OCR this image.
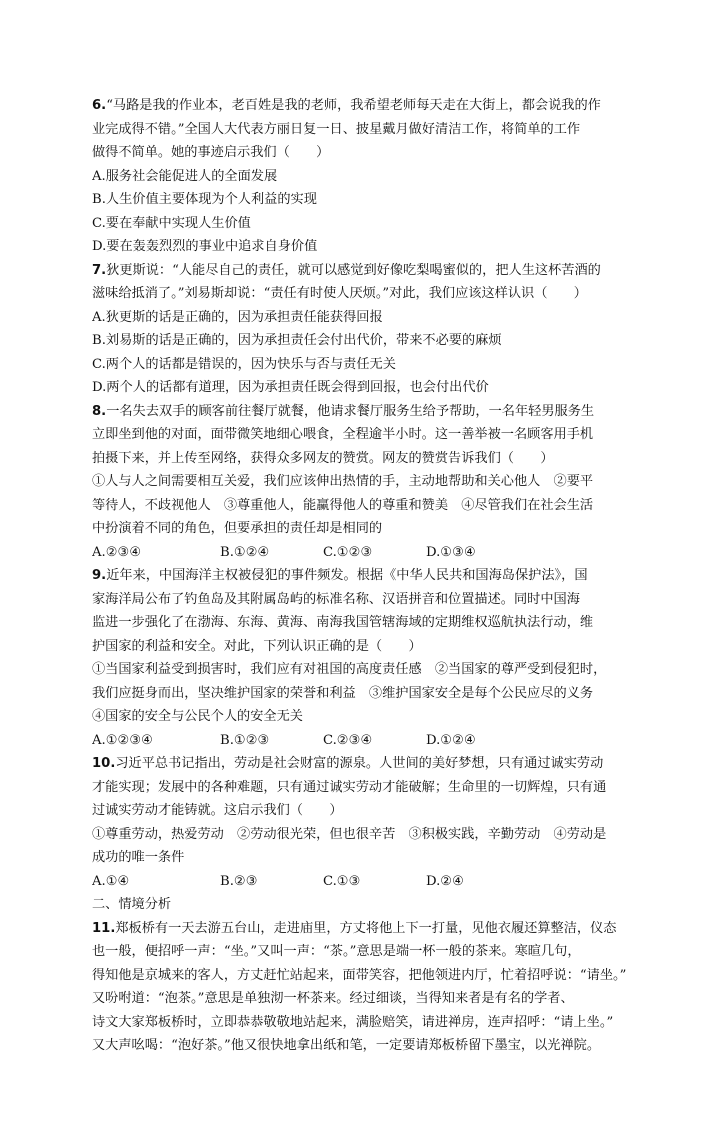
6.“马路是我的作业本，老百姓是我的老师，我希望老师每天走在大街上，都会说我的作
业完成得不错。”全国人大代表方丽日复一日、披星戴月做好清洁工作，将简单的工作
做得不简单。她的事迹启示我们（　　）
A.服务社会能促进人的全面发展
B.人生价值主要体现为个人利益的实现
C.要在奉献中实现人生价值
D.要在轰轰烈烈的事业中追求自身价值
7.狄更斯说：“人能尽自己的责任，就可以感觉到好像吃梨喝蜜似的，把人生这杯苦酒的
滋味给抵消了。”刘易斯却说：“责任有时使人厌烦。”对此，我们应该这样认识（　　）
A.狄更斯的话是正确的，因为承担责任能获得回报
B.刘易斯的话是正确的，因为承担责任会付出代价，带来不必要的麻烦
C.两个人的话都是错误的，因为快乐与否与责任无关
D.两个人的话都有道理，因为承担责任既会得到回报，也会付出代价
8.一名失去双手的顾客前往餐厅就餐，他请求餐厅服务生给予帮助，一名年轻男服务生
立即坐到他的对面，面带微笑地细心喂食，全程逾半小时。这一善举被一名顾客用手机
拍摄下来，并上传至网络，获得众多网友的赞赏。网友的赞赏告诉我们（　　）
①人与人之间需要相互关爱，我们应该伸出热情的手，主动地帮助和关心他人　②要平
等待人，不歧视他人　③尊重他人，能赢得他人的尊重和赞美　④尽管我们在社会生活
中扮演着不同的角色，但要承担的责任却是相同的
A.②③④	B.①②④	C.①②③	D.①③④
9.近年来，中国海洋主权被侵犯的事件频发。根据《中华人民共和国海岛保护法》，国
家海洋局公布了钓鱼岛及其附属岛屿的标准名称、汉语拼音和位置描述。同时中国海
监进一步强化了在渤海、东海、黄海、南海我国管辖海域的定期维权巡航执法行动，维
护国家的利益和安全。对此，下列认识正确的是（　　）
①当国家利益受到损害时，我们应有对祖国的高度责任感　②当国家的尊严受到侵犯时，
我们应挺身而出，坚决维护国家的荣誉和利益　③维护国家安全是每个公民应尽的义务
④国家的安全与公民个人的安全无关
A.①②③④	B.①②③	C.②③④	D.①②④
10.习近平总书记指出，劳动是社会财富的源泉。人世间的美好梦想，只有通过诚实劳动
才能实现；发展中的各种难题，只有通过诚实劳动才能破解；生命里的一切辉煌，只有通
过诚实劳动才能铸就。这启示我们（　　）
①尊重劳动，热爱劳动　②劳动很光荣，但也很辛苦　③积极实践，辛勤劳动　④劳动是
成功的唯一条件
A.①④	B.②③	C.①③	D.②④
二、情境分析
11.郑板桥有一天去游五台山，走进庙里，方丈将他上下一打量，见他衣履还算整洁，仪态
也一般，便招呼一声：“坐。”又叫一声：“茶。”意思是端一杯一般的茶来。寒暄几句，
得知他是京城来的客人，方丈赶忙站起来，面带笑容，把他领进内厅，忙着招呼说：“请坐。”
又吩咐道：“泡茶。”意思是单独沏一杯茶来。经过细谈，当得知来者是有名的学者、
诗文大家郑板桥时，立即恭恭敬敬地站起来，满脸赔笑，请进禅房，连声招呼：“请上坐。”
又大声吆喝：“泡好茶。”他又很快地拿出纸和笔，一定要请郑板桥留下墨宝，以光禅院。
